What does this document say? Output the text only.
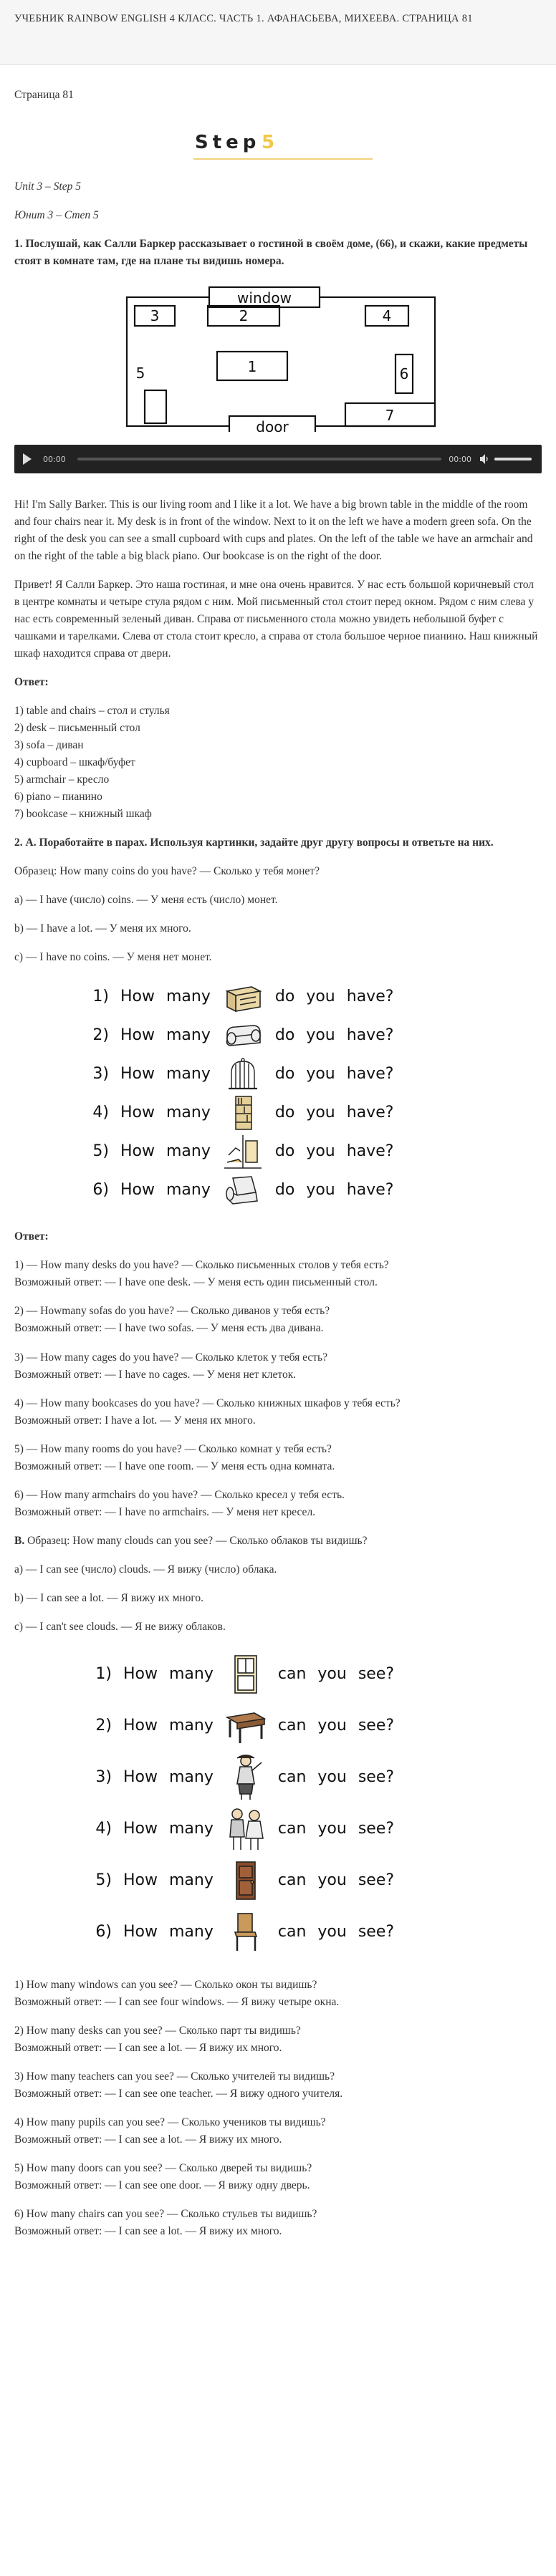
УЧЕБНИК RAINBOW ENGLISH 4 КЛАСС. ЧАСТЬ 1. АФАНАСЬЕВА, МИХЕЕВА. СТРАНИЦА 81

Страница 81

Step 5

Unit 3 – Step 5

Юнит 3 – Степ 5

1. Послушай, как Салли Баркер рассказывает о гостиной в своём доме, (66), и скажи, какие предметы стоят в комнате там, где на плане ты видишь номера.

window
door
1
2
3	4
5	6
7
00:00	00:00

Hi! I'm Sally Barker. This is our living room and I like it a lot. We have a big brown table in the middle of the room and four chairs near it. My desk is in front of the window. Next to it on the left we have a modern green sofa. On the right of the desk you can see a small cupboard with cups and plates. On the left of the table we have an armchair and on the right of the table a big black piano. Our bookcase is on the right of the door.

Привет! Я Салли Баркер. Это наша гостиная, и мне она очень нравится. У нас есть большой коричневый стол в центре комнаты и четыре стула рядом с ним. Мой письменный стол стоит перед окном. Рядом с ним слева у нас есть современный зеленый диван. Справа от письменного стола можно увидеть небольшой буфет с чашками и тарелками. Слева от стола стоит кресло, а справа от стола большое черное пианино. Наш книжный шкаф находится справа от двери.

Ответ:

1) table and chairs – стол и стулья

2) desk – письменный стол

3) sofa – диван

4) cupboard – шкаф/буфет

5) armchair – кресло

6) piano – пианино

7) bookcase – книжный шкаф

2. А. Поработайте в парах. Используя картинки, задайте друг другу вопросы и ответьте на них.

Образец: How many coins do you have? — Сколько у тебя монет?

a) — I have (число) coins. — У меня есть (число) монет.

b) — I have a lot. — У меня их много.

c) — I have no coins. — У меня нет монет.

1) How many	do you have?
2) How many	do you have?
3) How many	do you have?
4) How many	do you have?
5) How many	do you have?
6) How many	do you have?

Ответ:

1) — How many desks do you have? — Сколько письменных столов у тебя есть?
Возможный ответ: — I have one desk. — У меня есть один письменный стол.
2) — Howmany sofas do you have? — Сколько диванов у тебя есть?
Возможный ответ: — I have two sofas. — У меня есть два дивана.
3) — How many cages do you have? — Сколько клеток у тебя есть?
Возможный ответ: — I have no cages. — У меня нет клеток.
4) — How many bookcases do you have? — Сколько книжных шкафов у тебя есть?
Возможный ответ: I have a lot. — У меня их много.
5) — How many rooms do you have? — Сколько комнат у тебя есть?
Возможный ответ: — I have one room. — У меня есть одна комната.
6) — How many armchairs do you have? — Сколько кресел у тебя есть.
Возможный ответ: — I have no armchairs. — У меня нет кресел.

B. Образец: How many clouds can you see? — Сколько облаков ты видишь?

a) — I can see (число) clouds. — Я вижу (число) облака.

b) — I can see a lot. — Я вижу их много.

c) — I can't see clouds. — Я не вижу облаков.

1) How many	can you see?
2) How many	can you see?
3) How many	can you see?
4) How many	can you see?
5) How many	can you see?
6) How many	can you see?
1) How many windows can you see? — Сколько окон ты видишь?
Возможный ответ: — I can see four windows. — Я вижу четыре окна.
2) How many desks can you see? — Сколько парт ты видишь?
Возможный ответ: — I can see a lot. — Я вижу их много.
3) How many teachers can you see? — Сколько учителей ты видишь?
Возможный ответ: — I can see one teacher. — Я вижу одного учителя.
4) How many pupils can you see? — Сколько учеников ты видишь?
Возможный ответ: — I can see a lot. — Я вижу их много.
5) How many doors can you see? — Сколько дверей ты видишь?
Возможный ответ: — I can see one door. — Я вижу одну дверь.
6) How many chairs can you see? — Сколько стульев ты видишь?
Возможный ответ: — I can see a lot. — Я вижу их много.
